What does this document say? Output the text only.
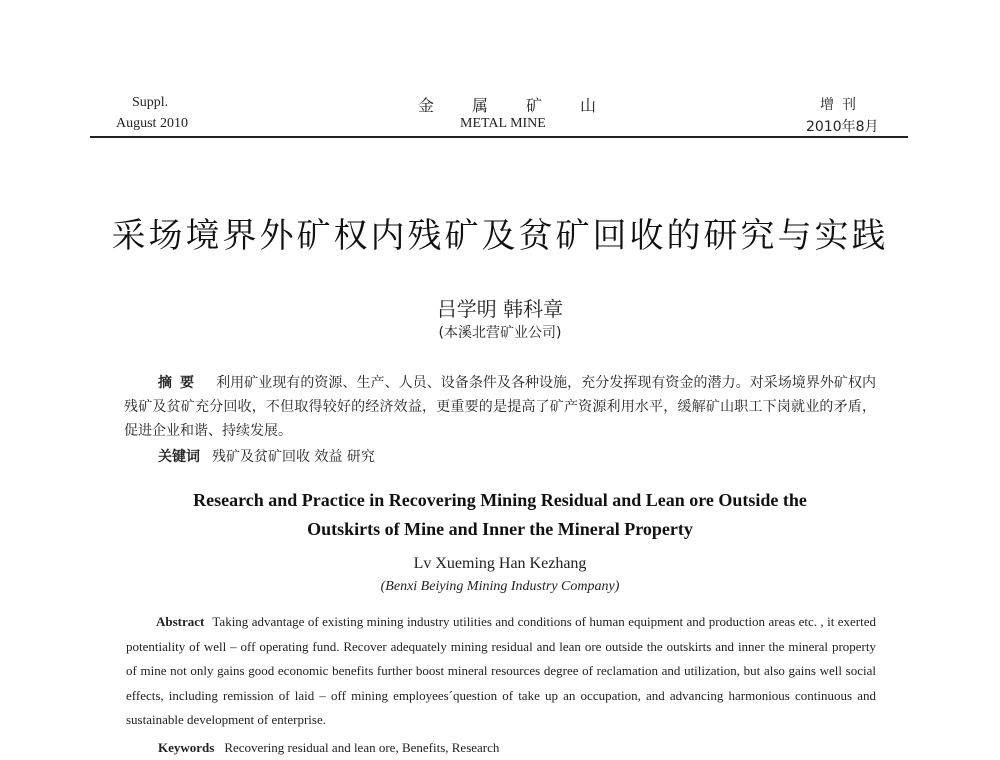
Suppl.
August 2010
金属矿山
METAL MINE
增刊
2010年8月
采场境界外矿权内残矿及贫矿回收的研究与实践
吕学明 韩科章
(本溪北营矿业公司)
摘要 利用矿业现有的资源、生产、人员、设备条件及各种设施，充分发挥现有资金的潜力。对采场境界外矿权内残矿及贫矿充分回收，不但取得较好的经济效益，更重要的是提高了矿产资源利用水平，缓解矿山职工下岗就业的矛盾，促进企业和谐、持续发展。
关键词 残矿及贫矿回收 效益 研究
Research and Practice in Recovering Mining Residual and Lean ore Outside the
Outskirts of Mine and Inner the Mineral Property
Lv Xueming Han Kezhang
(Benxi Beiying Mining Industry Company)
Abstract Taking advantage of existing mining industry utilities and conditions of human equipment and production areas etc. , it exerted potentiality of well – off operating fund. Recover adequately mining residual and lean ore outside the outskirts and inner the mineral property of mine not only gains good economic benefits further boost mineral resources degree of reclamation and utilization, but also gains well social effects, including remission of laid – off mining employees´question of take up an occupation, and advancing harmonious continuous and sustainable development of enterprise.
Keywords Recovering residual and lean ore, Benefits, Research
